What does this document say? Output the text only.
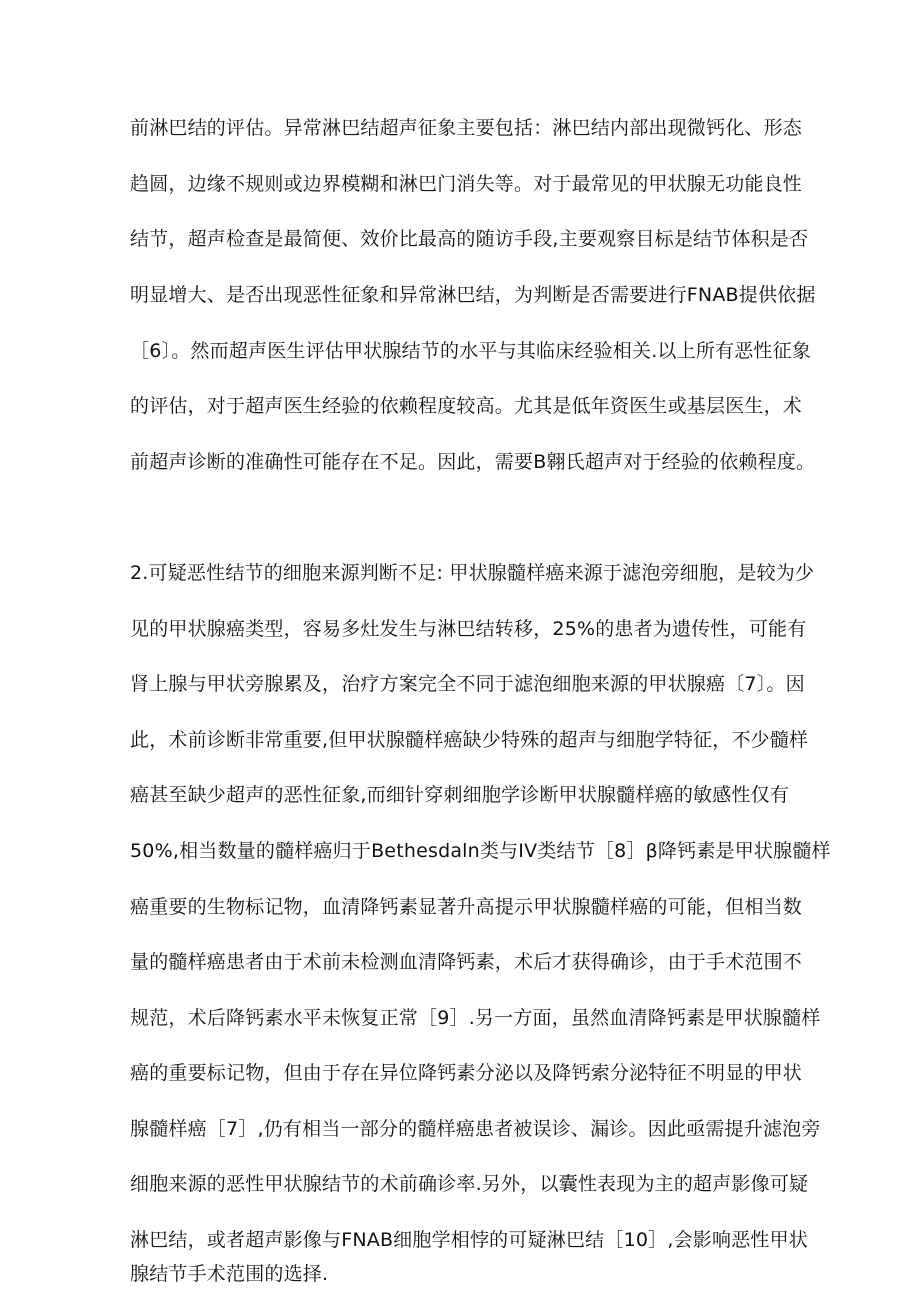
前淋巴结的评估。异常淋巴结超声征象主要包括：淋巴结内部出现微钙化、形态

趋圆，边缘不规则或边界模糊和淋巴门消失等。对于最常见的甲状腺无功能良性

结节，超声检查是最简便、效价比最高的随访手段,主要观察目标是结节体积是否

明显增大、是否出现恶性征象和异常淋巴结，为判断是否需要进行FNAB提供依据

［6〕。然而超声医生评估甲状腺结节的水平与其临床经验相关.以上所有恶性征象

的评估，对于超声医生经验的依赖程度较高。尤其是低年资医生或基层医生，术

前超声诊断的准确性可能存在不足。因此，需要B翱氏超声对于经验的依赖程度。

2.可疑恶性结节的细胞来源判断不足: 甲状腺髓样癌来源于滤泡旁细胞，是较为少

见的甲状腺癌类型，容易多灶发生与淋巴结转移，25%的患者为遗传性，可能有

肾上腺与甲状旁腺累及，治疗方案完全不同于滤泡细胞来源的甲状腺癌〔7〕。因

此，术前诊断非常重要,但甲状腺髓样癌缺少特殊的超声与细胞学特征，不少髓样

癌甚至缺少超声的恶性征象,而细针穿刺细胞学诊断甲状腺髓样癌的敏感性仅有

50%,相当数量的髓样癌归于Bethesdaln类与IV类结节［8］β降钙素是甲状腺髓样

癌重要的生物标记物，血清降钙素显著升高提示甲状腺髓样癌的可能，但相当数

量的髓样癌患者由于术前未检测血清降钙素，术后才获得确诊，由于手术范围不

规范，术后降钙素水平未恢复正常［9］.另一方面，虽然血清降钙素是甲状腺髓样

癌的重要标记物，但由于存在异位降钙素分泌以及降钙索分泌特征不明显的甲状

腺髓样癌［7］,仍有相当一部分的髓样癌患者被误诊、漏诊。因此亟需提升滤泡旁

细胞来源的恶性甲状腺结节的术前确诊率.另外，以囊性表现为主的超声影像可疑

淋巴结，或者超声影像与FNAB细胞学相悖的可疑淋巴结［10］,会影响恶性甲状

腺结节手术范围的选择.
